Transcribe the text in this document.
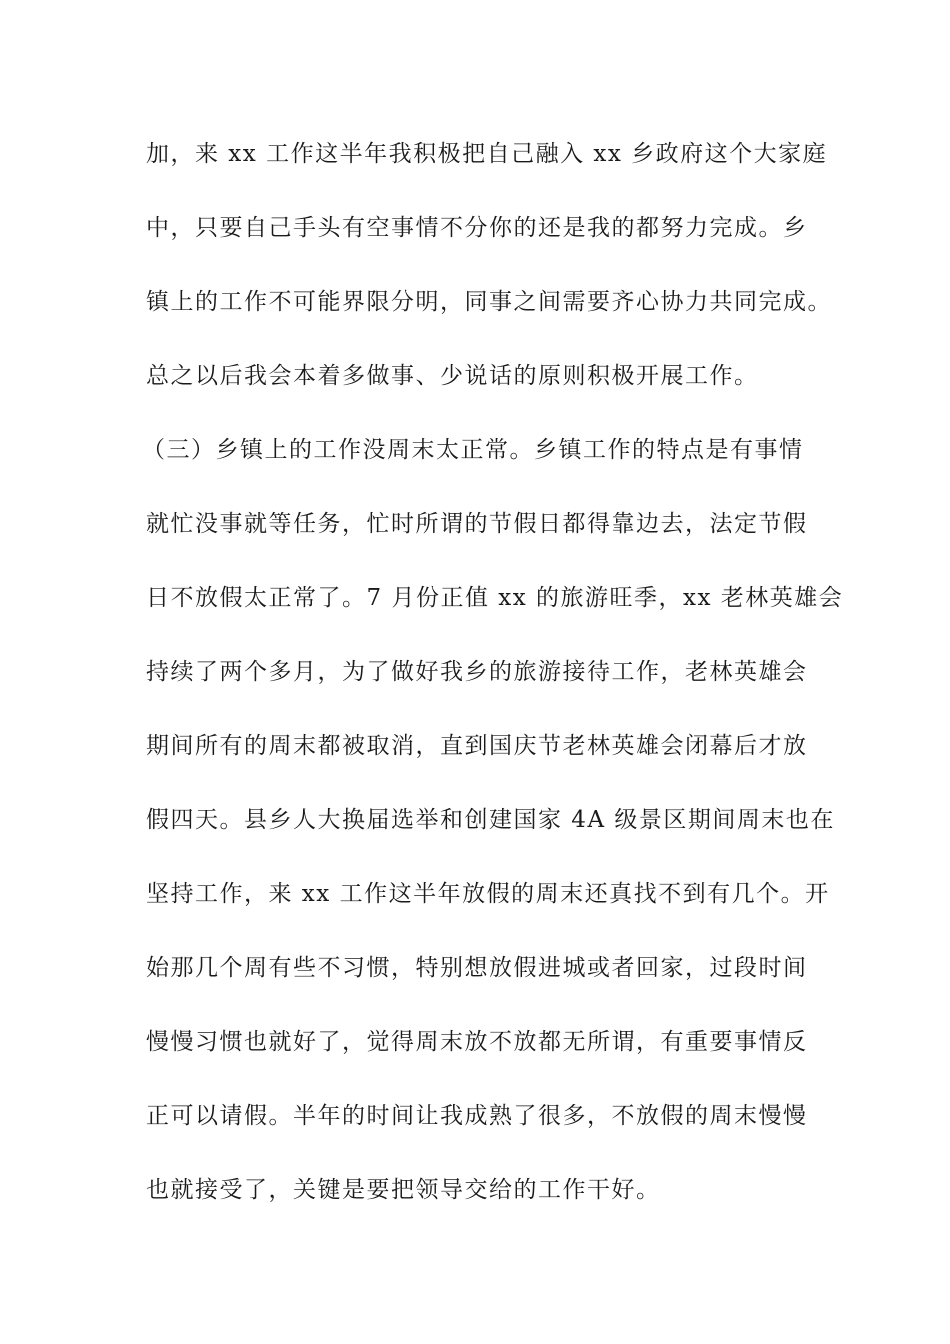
加，来 xx 工作这半年我积极把自己融入 xx 乡政府这个大家庭
中，只要自己手头有空事情不分你的还是我的都努力完成。乡
镇上的工作不可能界限分明，同事之间需要齐心协力共同完成。
总之以后我会本着多做事、少说话的原则积极开展工作。
（三）乡镇上的工作没周末太正常。乡镇工作的特点是有事情
就忙没事就等任务，忙时所谓的节假日都得靠边去，法定节假
日不放假太正常了。7 月份正值 xx 的旅游旺季，xx 老林英雄会
持续了两个多月，为了做好我乡的旅游接待工作，老林英雄会
期间所有的周末都被取消，直到国庆节老林英雄会闭幕后才放
假四天。县乡人大换届选举和创建国家 4A 级景区期间周末也在
坚持工作，来 xx 工作这半年放假的周末还真找不到有几个。开
始那几个周有些不习惯，特别想放假进城或者回家，过段时间
慢慢习惯也就好了，觉得周末放不放都无所谓，有重要事情反
正可以请假。半年的时间让我成熟了很多，不放假的周末慢慢
也就接受了，关键是要把领导交给的工作干好。
